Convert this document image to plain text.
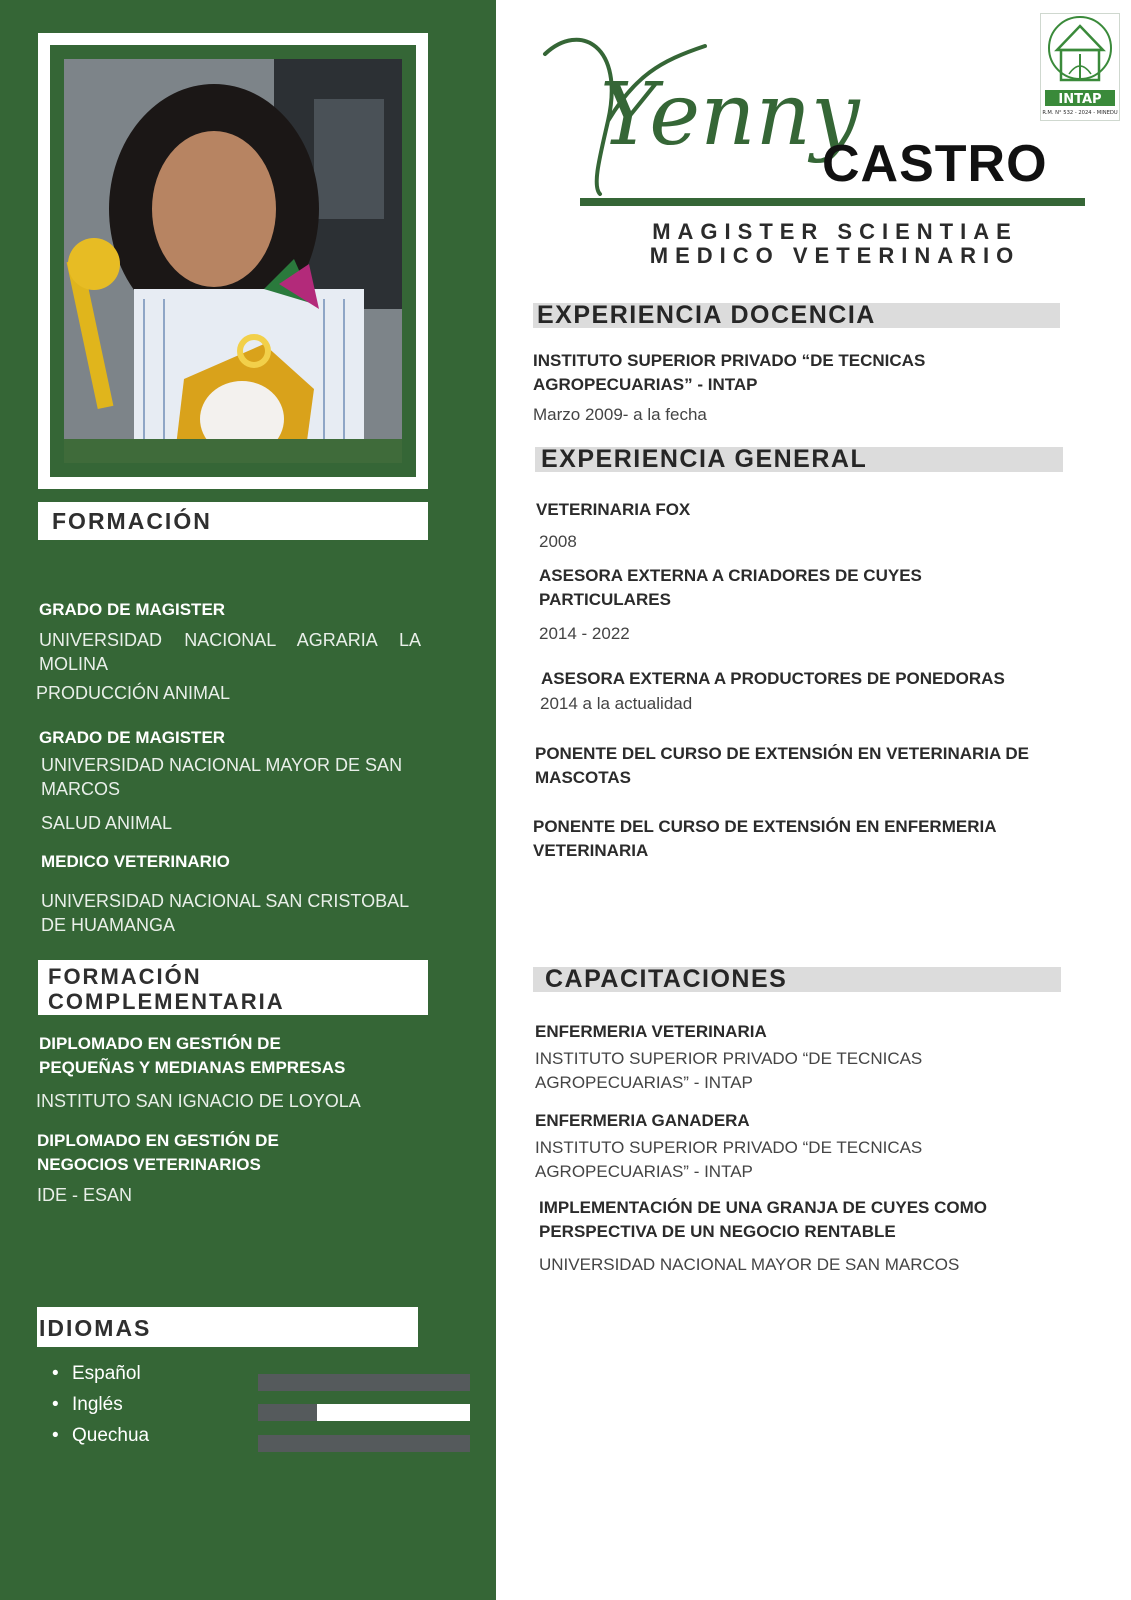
FORMACIÓN
GRADO DE MAGISTER
UNIVERSIDAD NACIONAL AGRARIA LA MOLINA
PRODUCCIÓN ANIMAL
GRADO DE MAGISTER
UNIVERSIDAD NACIONAL MAYOR DE SAN MARCOS
SALUD ANIMAL
MEDICO VETERINARIO
UNIVERSIDAD NACIONAL SAN CRISTOBAL DE HUAMANGA
FORMACIÓN
COMPLEMENTARIA
DIPLOMADO EN GESTIÓN DE
PEQUEÑAS Y MEDIANAS EMPRESAS
INSTITUTO SAN IGNACIO DE LOYOLA
DIPLOMADO EN GESTIÓN DE
NEGOCIOS VETERINARIOS
IDE - ESAN
IDIOMAS
• Español
• Inglés
• Quechua
Yenny
CASTRO
MAGISTER SCIENTIAE
MEDICO VETERINARIO
INTAP
R.M. N° 532 - 2024 - MINEDU
EXPERIENCIA DOCENCIA
INSTITUTO SUPERIOR PRIVADO “DE TECNICAS AGROPECUARIAS” - INTAP
Marzo 2009- a la fecha
EXPERIENCIA GENERAL
VETERINARIA FOX
2008
ASESORA EXTERNA A CRIADORES DE CUYES PARTICULARES
2014 - 2022
ASESORA EXTERNA A PRODUCTORES DE PONEDORAS
2014 a la actualidad
PONENTE DEL CURSO DE EXTENSIÓN EN VETERINARIA DE MASCOTAS
PONENTE DEL CURSO DE EXTENSIÓN EN ENFERMERIA VETERINARIA
CAPACITACIONES
ENFERMERIA VETERINARIA
INSTITUTO SUPERIOR PRIVADO “DE TECNICAS AGROPECUARIAS” - INTAP
ENFERMERIA GANADERA
INSTITUTO SUPERIOR PRIVADO “DE TECNICAS AGROPECUARIAS” - INTAP
IMPLEMENTACIÓN DE UNA GRANJA DE CUYES COMO PERSPECTIVA DE UN NEGOCIO RENTABLE
UNIVERSIDAD NACIONAL MAYOR DE SAN MARCOS
